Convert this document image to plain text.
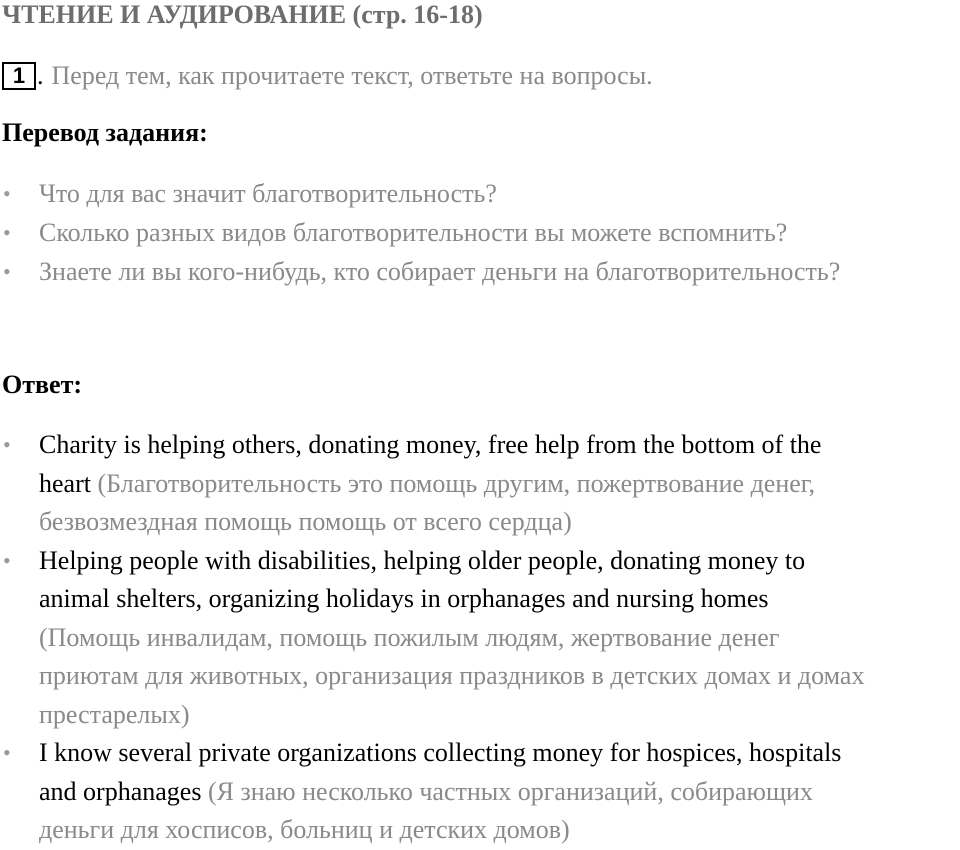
ЧТЕНИЕ И АУДИРОВАНИЕ (стр. 16-18)
1 . Перед тем, как прочитаете текст, ответьте на вопросы.
Перевод задания:
• Что для вас значит благотворительность?
• Сколько разных видов благотворительности вы можете вспомнить?
• Знаете ли вы кого-нибудь, кто собирает деньги на благотворительность?
Ответ:
• Charity is helping others, donating money, free help from the bottom of the
heart (Благотворительность это помощь другим, пожертвование денег,
безвозмездная помощь помощь от всего сердца)
• Helping people with disabilities, helping older people, donating money to
animal shelters, organizing holidays in orphanages and nursing homes
(Помощь инвалидам, помощь пожилым людям, жертвование денег
приютам для животных, организация праздников в детских домах и домах
престарелых)
• I know several private organizations collecting money for hospices, hospitals
and orphanages (Я знаю несколько частных организаций, собирающих
деньги для хосписов, больниц и детских домов)
